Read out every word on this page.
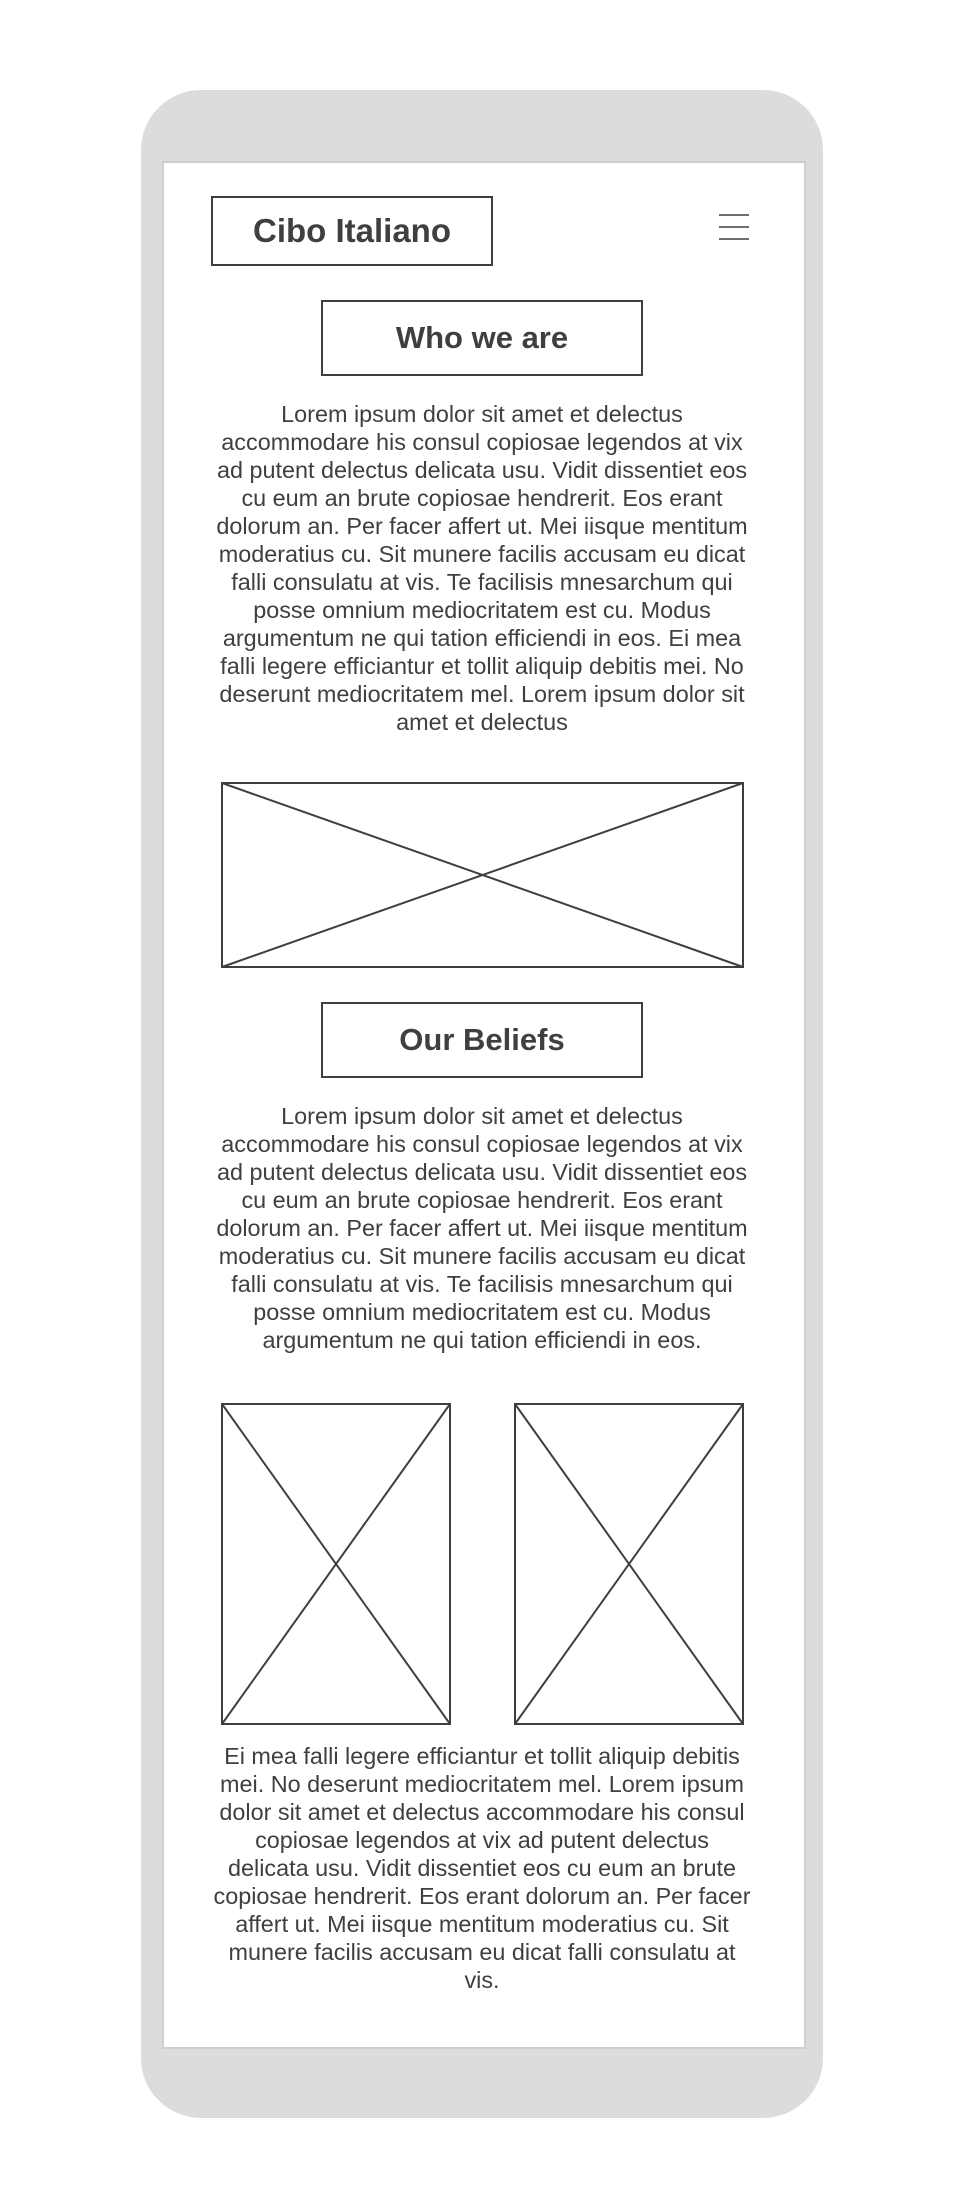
Cibo Italiano
Who we are

Lorem ipsum dolor sit amet et delectus accommodare his consul copiosae legendos at vix ad putent delectus delicata usu. Vidit dissentiet eos cu eum an brute copiosae hendrerit. Eos erant dolorum an. Per facer affert ut. Mei iisque mentitum moderatius cu. Sit munere facilis accusam eu dicat falli consulatu at vis. Te facilisis mnesarchum qui posse omnium mediocritatem est cu. Modus argumentum ne qui tation efficiendi in eos. Ei mea falli legere efficiantur et tollit aliquip debitis mei. No deserunt mediocritatem mel. Lorem ipsum dolor sit amet et delectus

Our Beliefs

Lorem ipsum dolor sit amet et delectus accommodare his consul copiosae legendos at vix ad putent delectus delicata usu. Vidit dissentiet eos cu eum an brute copiosae hendrerit. Eos erant dolorum an. Per facer affert ut. Mei iisque mentitum moderatius cu. Sit munere facilis accusam eu dicat falli consulatu at vis. Te facilisis mnesarchum qui posse omnium mediocritatem est cu. Modus argumentum ne qui tation efficiendi in eos.

Ei mea falli legere efficiantur et tollit aliquip debitis mei. No deserunt mediocritatem mel. Lorem ipsum dolor sit amet et delectus accommodare his consul copiosae legendos at vix ad putent delectus delicata usu. Vidit dissentiet eos cu eum an brute copiosae hendrerit. Eos erant dolorum an. Per facer affert ut. Mei iisque mentitum moderatius cu. Sit munere facilis accusam eu dicat falli consulatu at vis.
